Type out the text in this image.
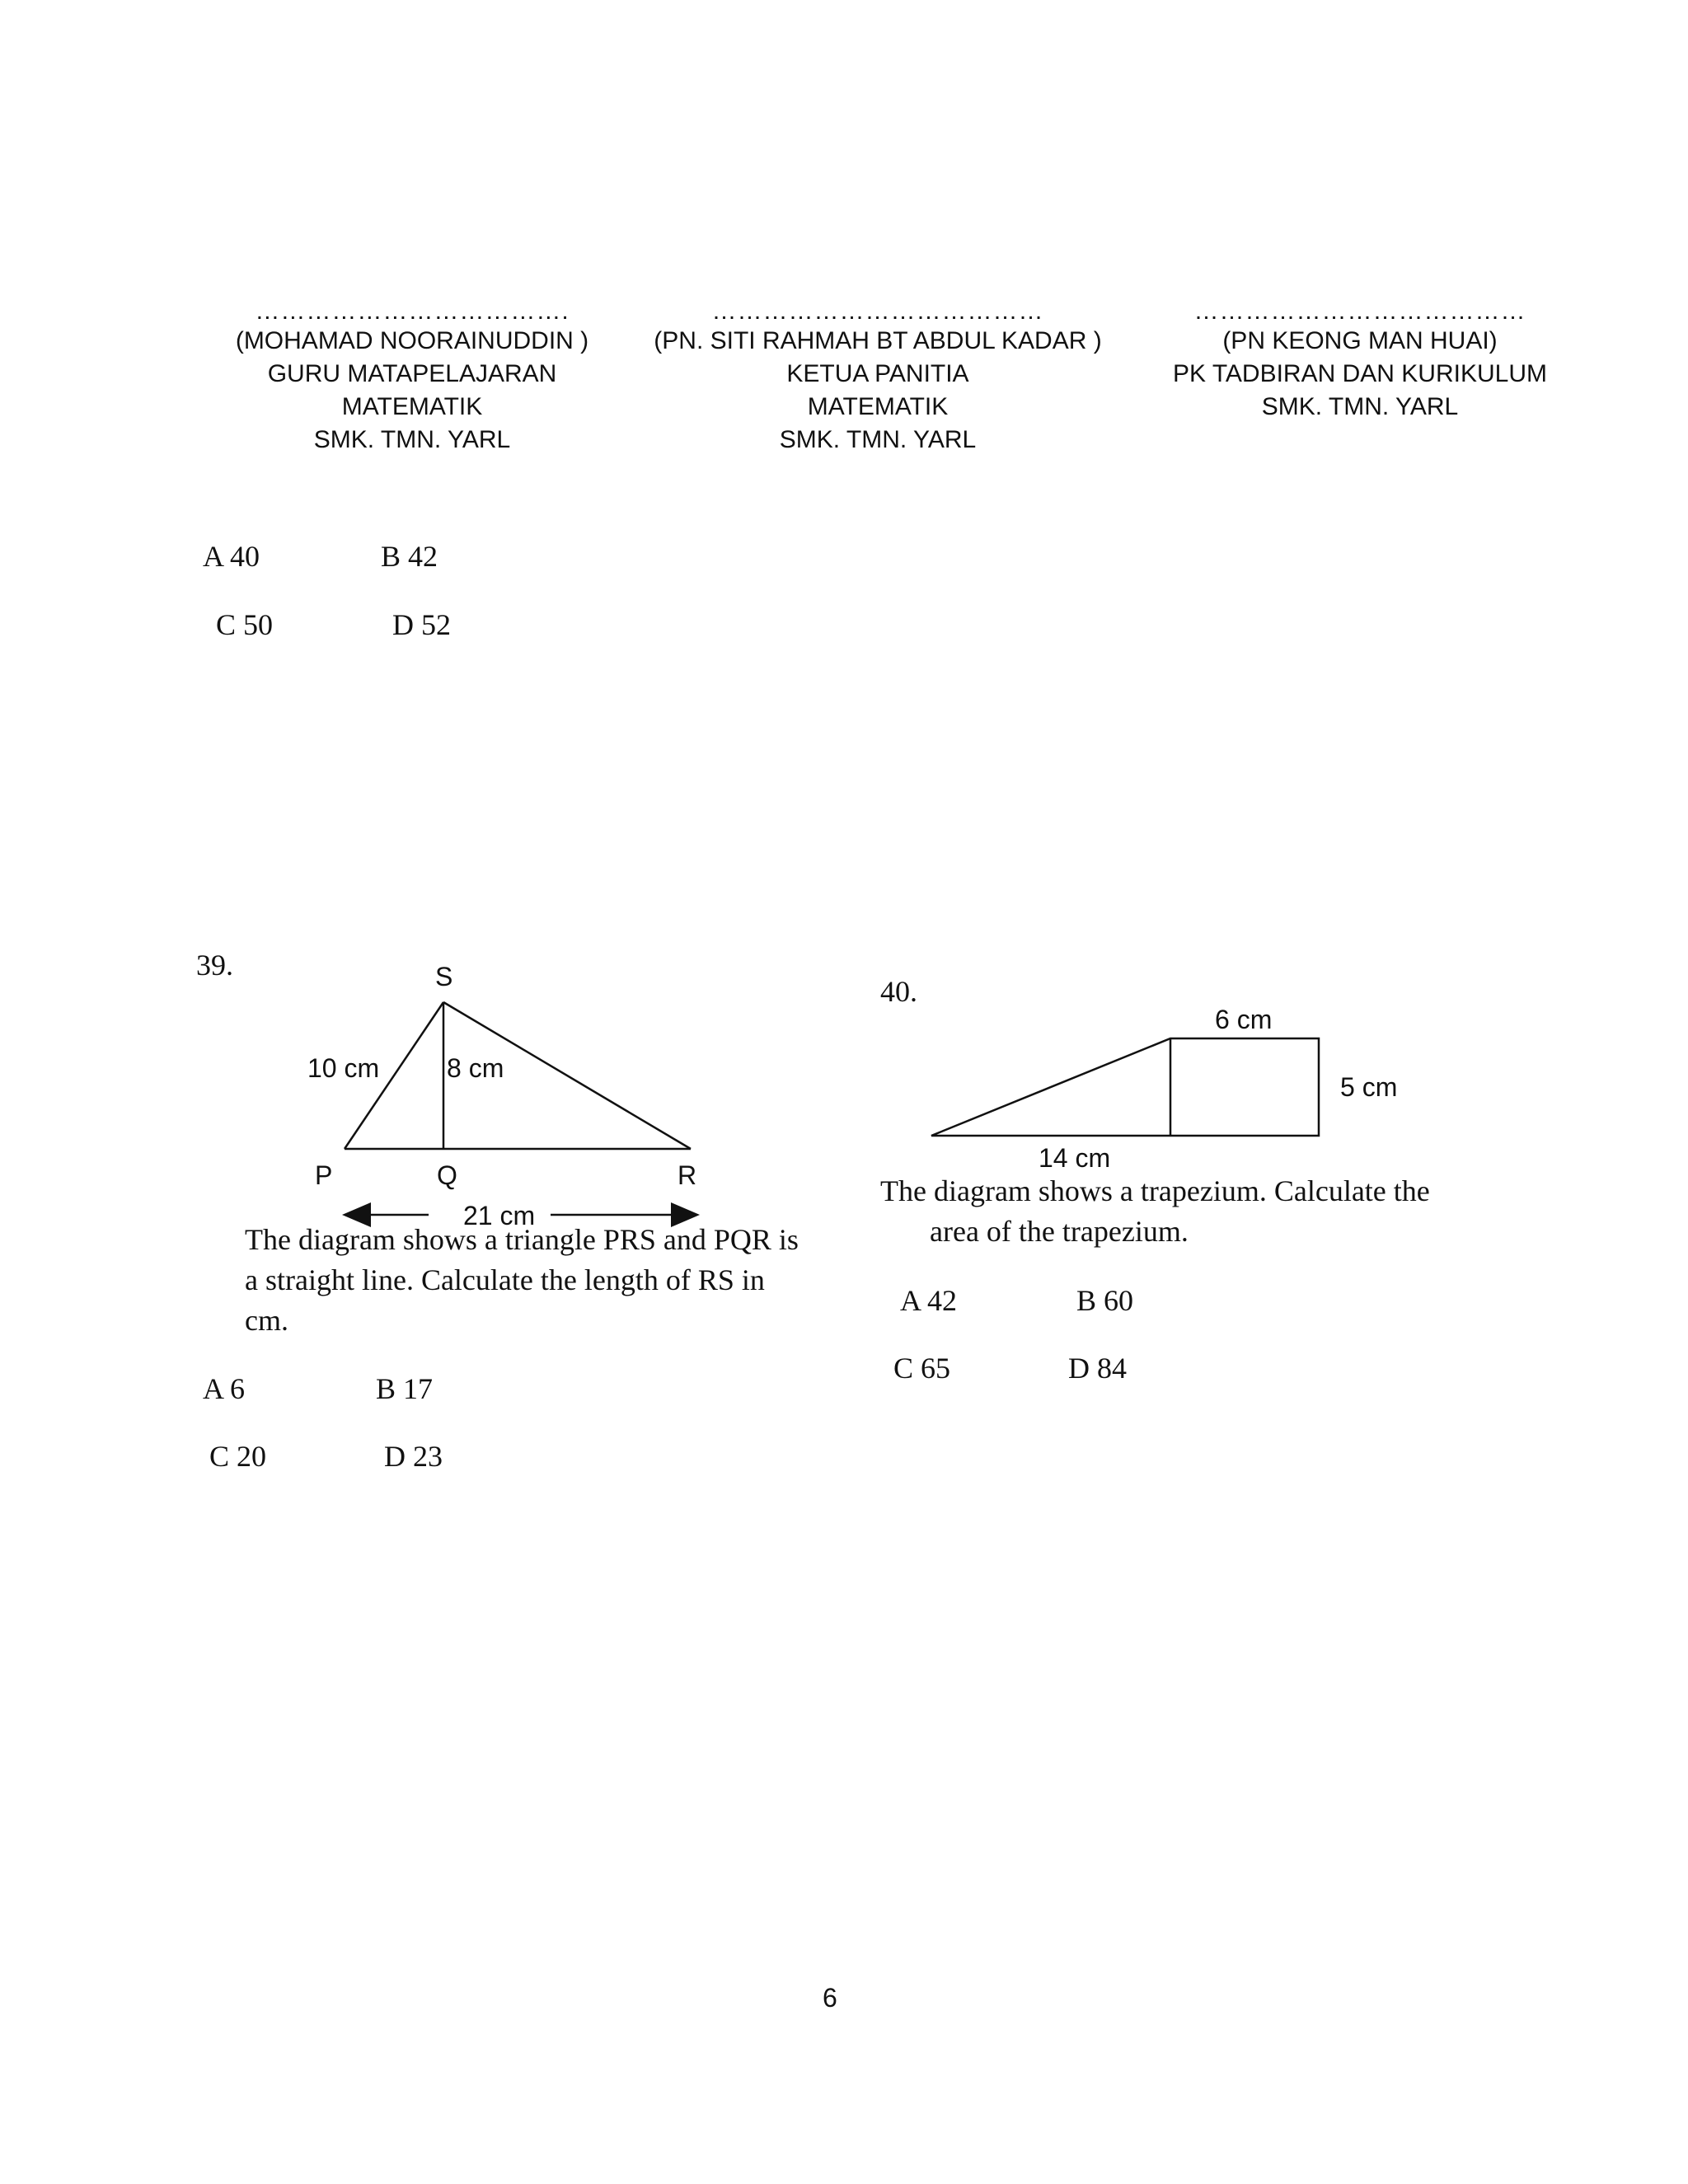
……………………………….
(MOHAMAD NOORAINUDDIN )
GURU MATAPELAJARAN
MATEMATIK
SMK. TMN. YARL
…………………………………
(PN. SITI RAHMAH BT ABDUL KADAR )
KETUA PANITIA
MATEMATIK
SMK. TMN. YARL
…………………………………
(PN KEONG MAN HUAI)
PK TADBIRAN DAN KURIKULUM
SMK. TMN. YARL
A 40	B 42
C 50	D 52
39.	S
10 cm	8 cm
P	Q	R
21 cm
The diagram shows a triangle PRS and PQR is a straight line. Calculate the length of RS in cm.
A 6	B 17
C 20	D 23
40.
6 cm
5 cm
14 cm
The diagram shows a trapezium. Calculate the
area of the trapezium.
A 42	B 60
C 65	D 84
6
